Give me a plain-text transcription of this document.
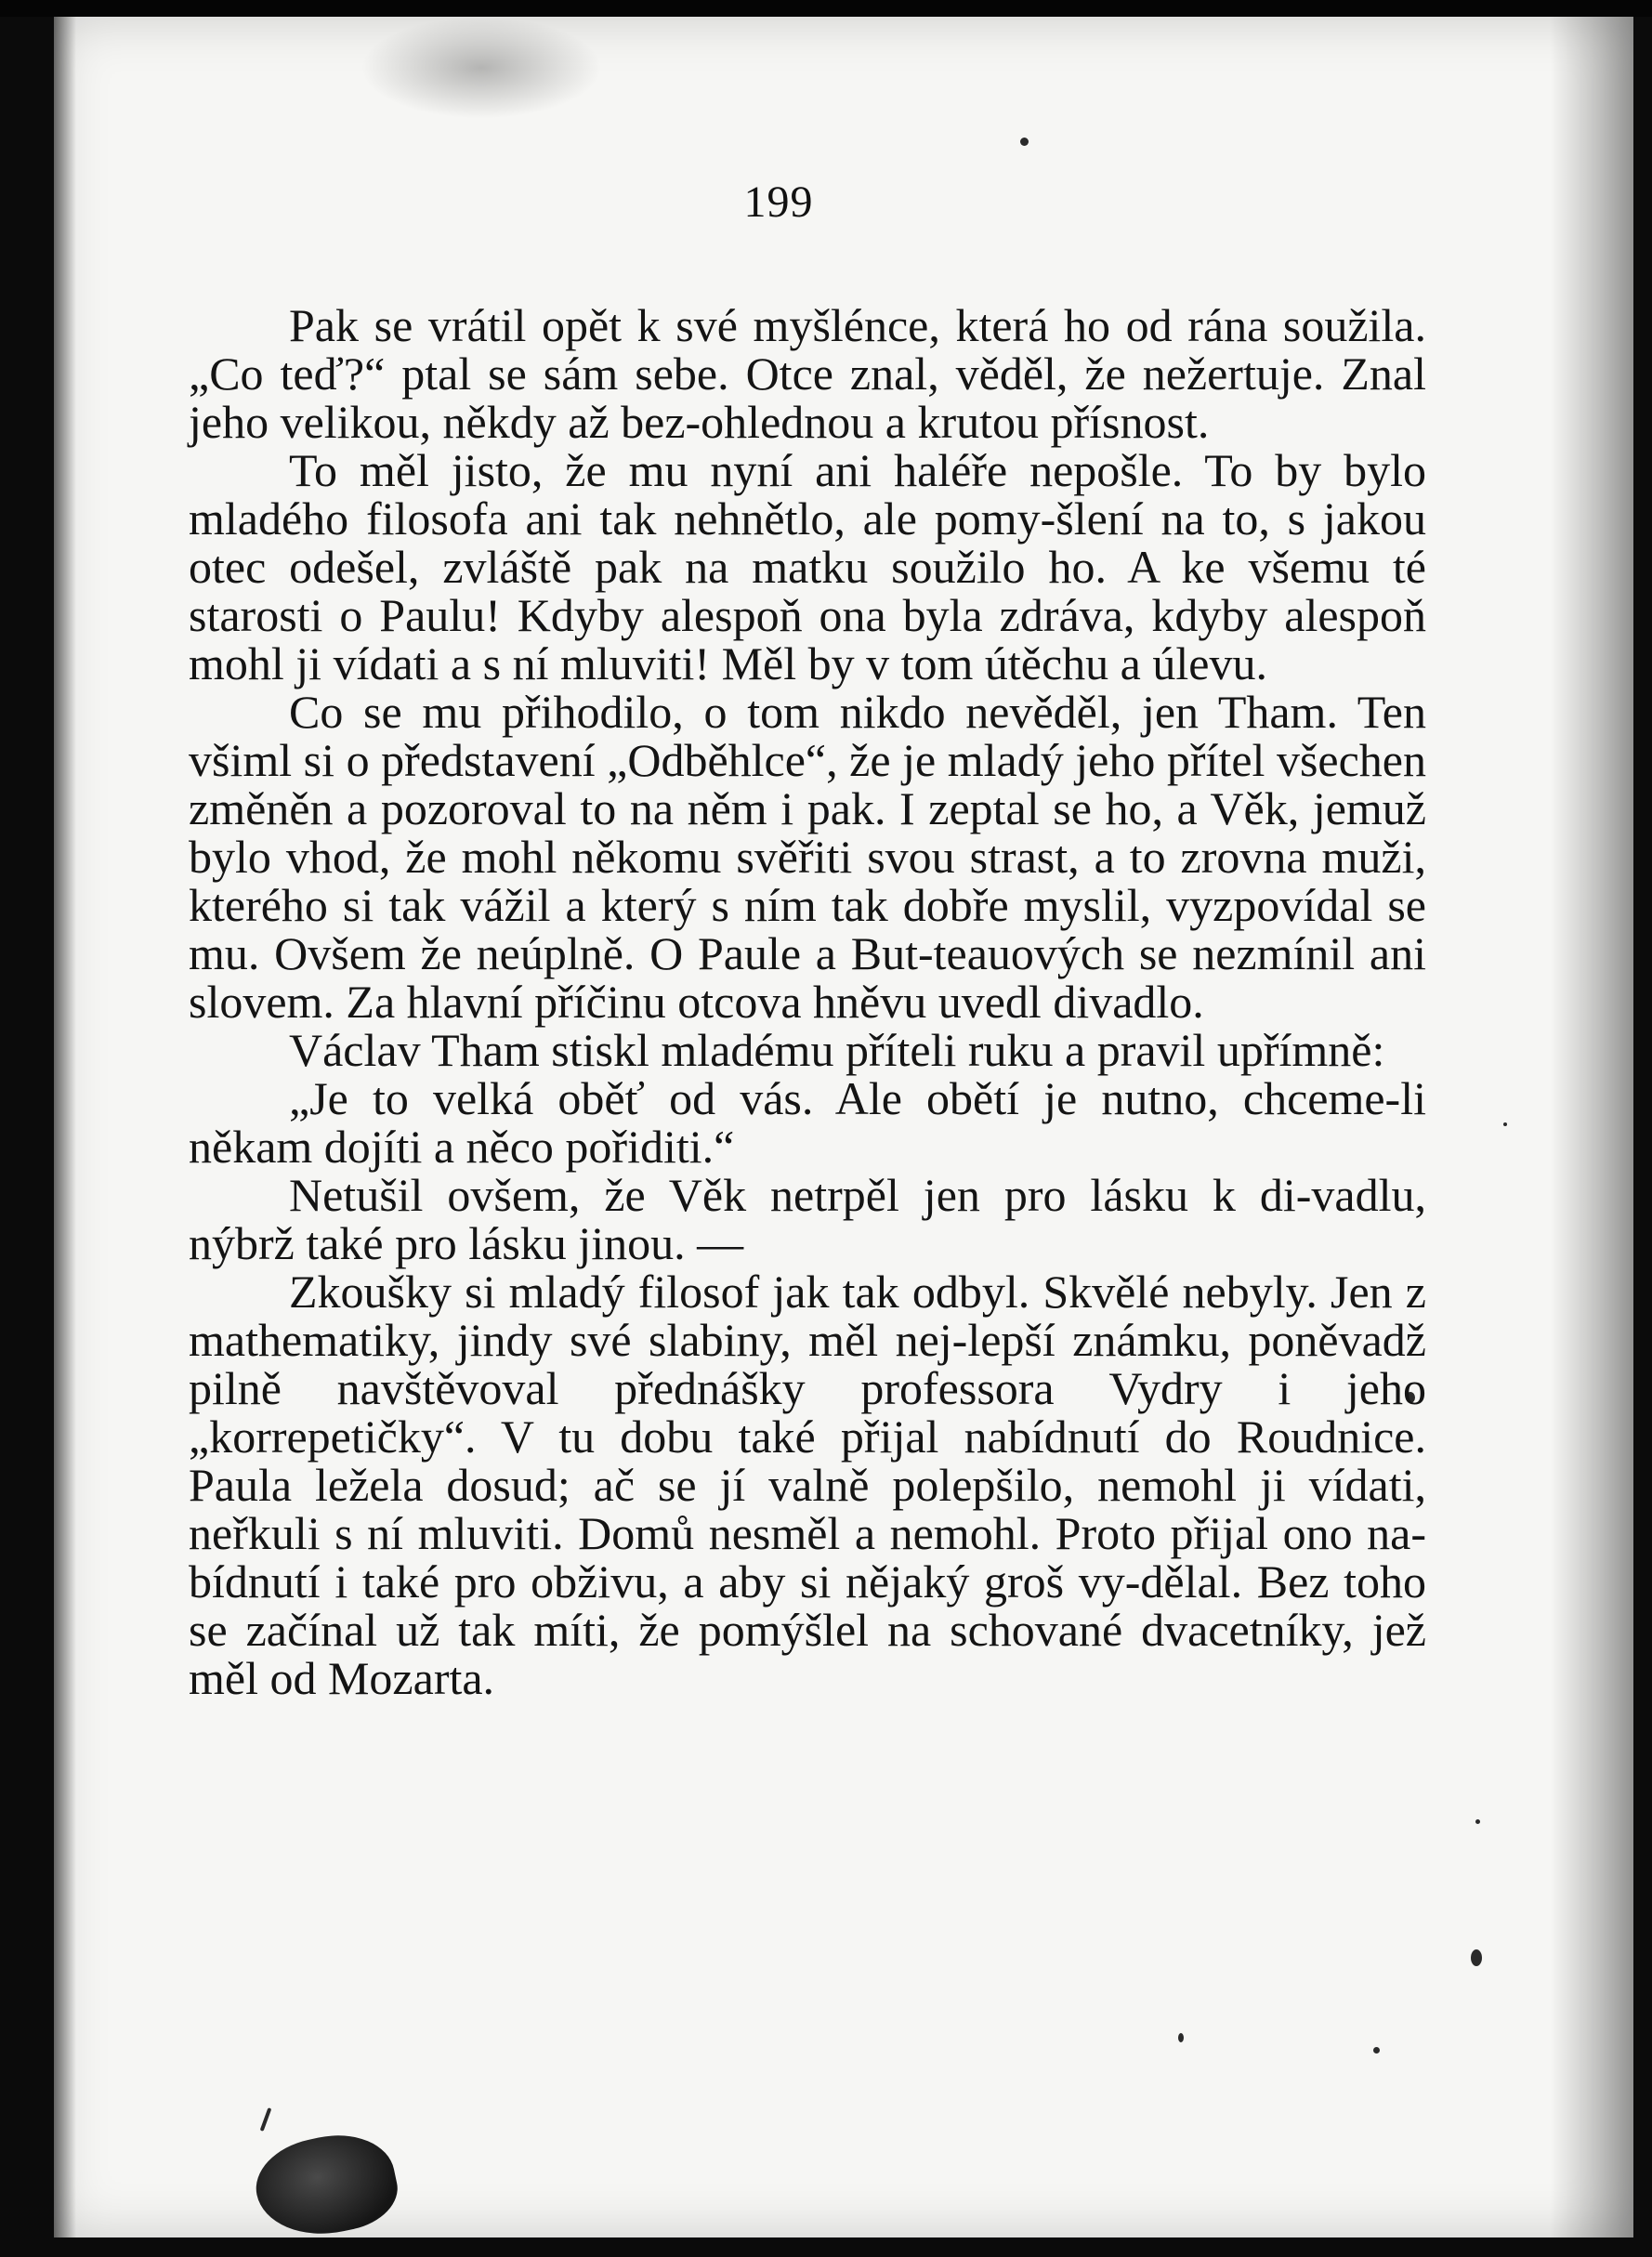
199

Pak se vrátil opět k své myšlénce, která ho od rána soužila. „Co teď?“ ptal se sám sebe. Otce znal, věděl, že nežertuje. Znal jeho velikou, někdy až bez-ohlednou a krutou přísnost.

To měl jisto, že mu nyní ani haléře nepošle. To by bylo mladého filosofa ani tak nehnětlo, ale pomy-šlení na to, s jakou otec odešel, zvláště pak na matku soužilo ho. A ke všemu té starosti o Paulu! Kdyby alespoň ona byla zdráva, kdyby alespoň mohl ji vídati a s ní mluviti! Měl by v tom útěchu a úlevu.

Co se mu přihodilo, o tom nikdo nevěděl, jen Tham. Ten všiml si o představení „Odběhlce“, že je mladý jeho přítel všechen změněn a pozoroval to na něm i pak. I zeptal se ho, a Věk, jemuž bylo vhod, že mohl někomu svěřiti svou strast, a to zrovna muži, kterého si tak vážil a který s ním tak dobře myslil, vyzpovídal se mu. Ovšem že neúplně. O Paule a But-teauových se nezmínil ani slovem. Za hlavní příčinu otcova hněvu uvedl divadlo.

Václav Tham stiskl mladému příteli ruku a pravil upřímně:

„Je to velká oběť od vás. Ale obětí je nutno, chceme-li někam dojíti a něco pořiditi.“

Netušil ovšem, že Věk netrpěl jen pro lásku k di-vadlu, nýbrž také pro lásku jinou. —

Zkoušky si mladý filosof jak tak odbyl. Skvělé nebyly. Jen z mathematiky, jindy své slabiny, měl nej-lepší známku, poněvadž pilně navštěvoval přednášky professora Vydry i jeho „korrepetičky“. V tu dobu také přijal nabídnutí do Roudnice. Paula ležela dosud; ač se jí valně polepšilo, nemohl ji vídati, neřkuli s ní mluviti. Domů nesměl a nemohl. Proto přijal ono na-bídnutí i také pro obživu, a aby si nějaký groš vy-dělal. Bez toho se začínal už tak míti, že pomýšlel na schované dvacetníky, jež měl od Mozarta.
